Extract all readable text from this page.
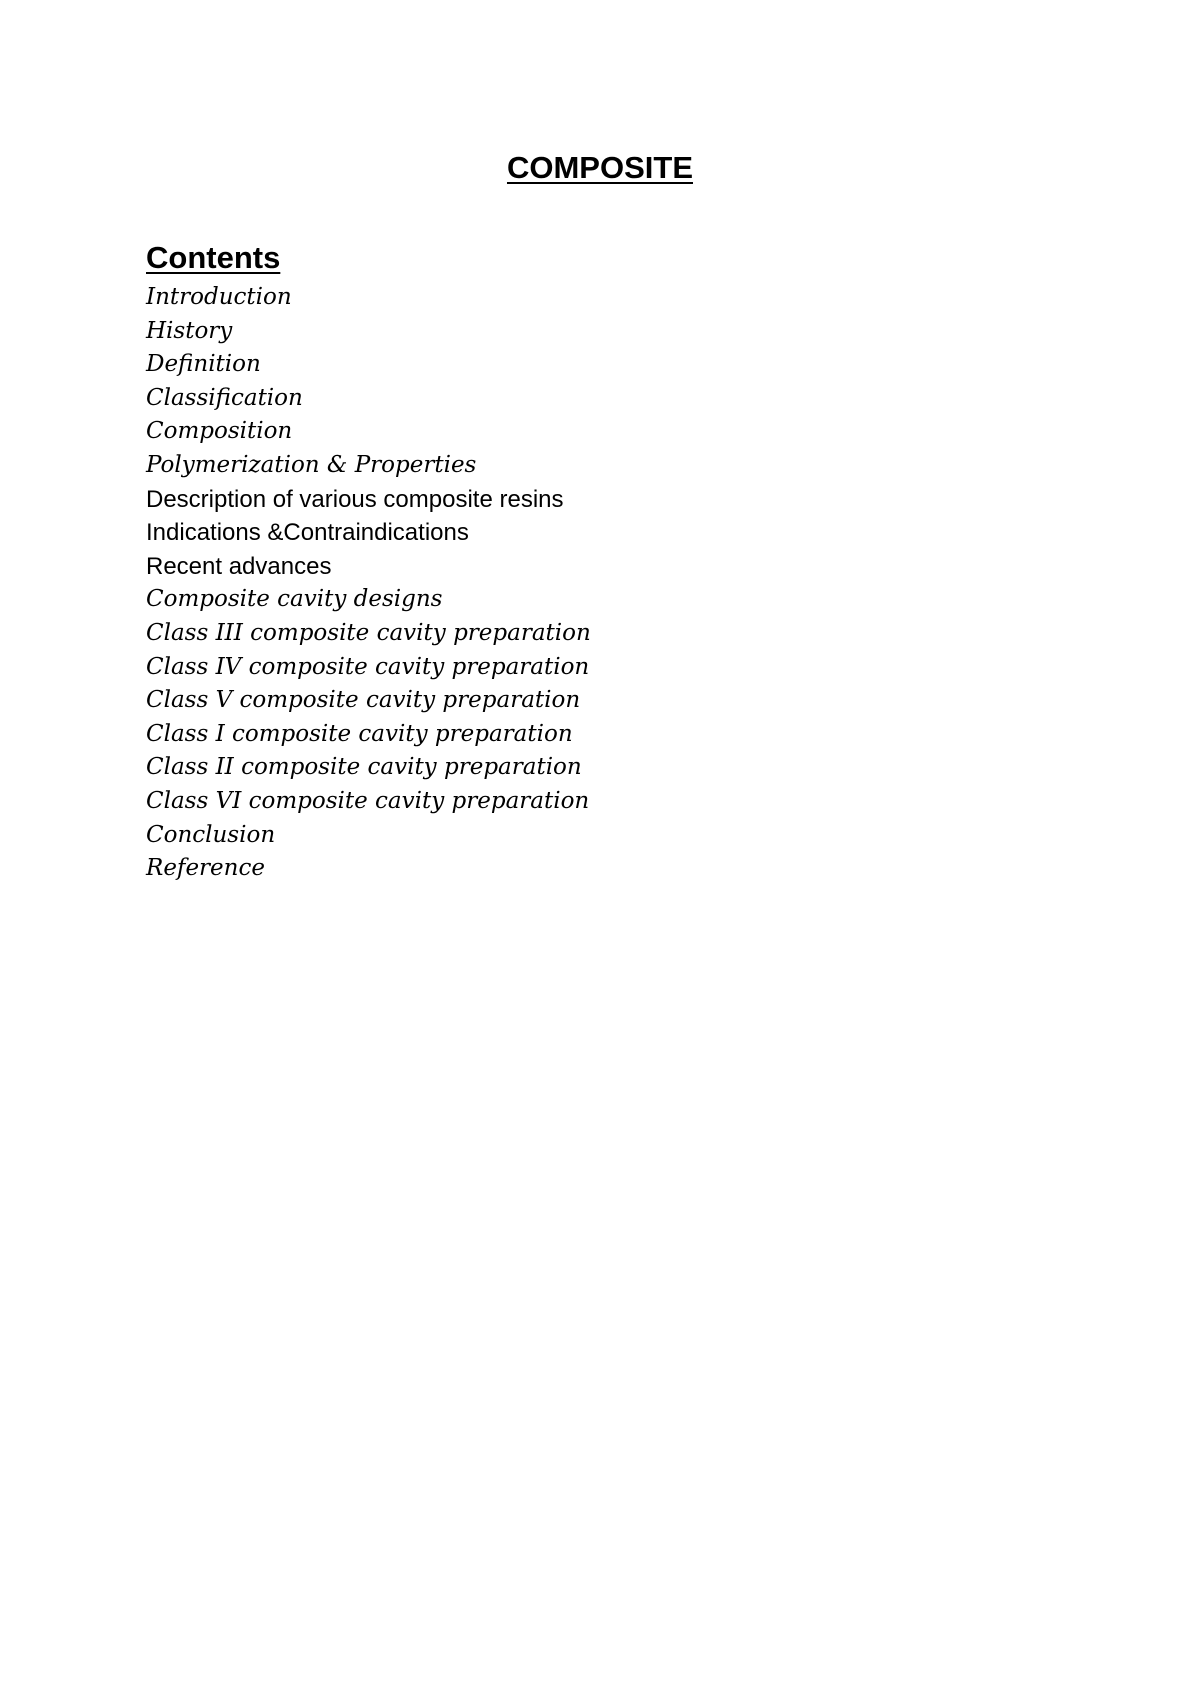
COMPOSITE
Contents
Introduction
History
Definition
Classification
Composition
Polymerization & Properties
Description of various composite resins
Indications &Contraindications
Recent advances
Composite cavity designs
Class III composite cavity preparation
Class IV composite cavity preparation
Class V composite cavity preparation
Class I composite cavity preparation
Class II composite cavity preparation
Class VI composite cavity preparation
Conclusion
Reference
